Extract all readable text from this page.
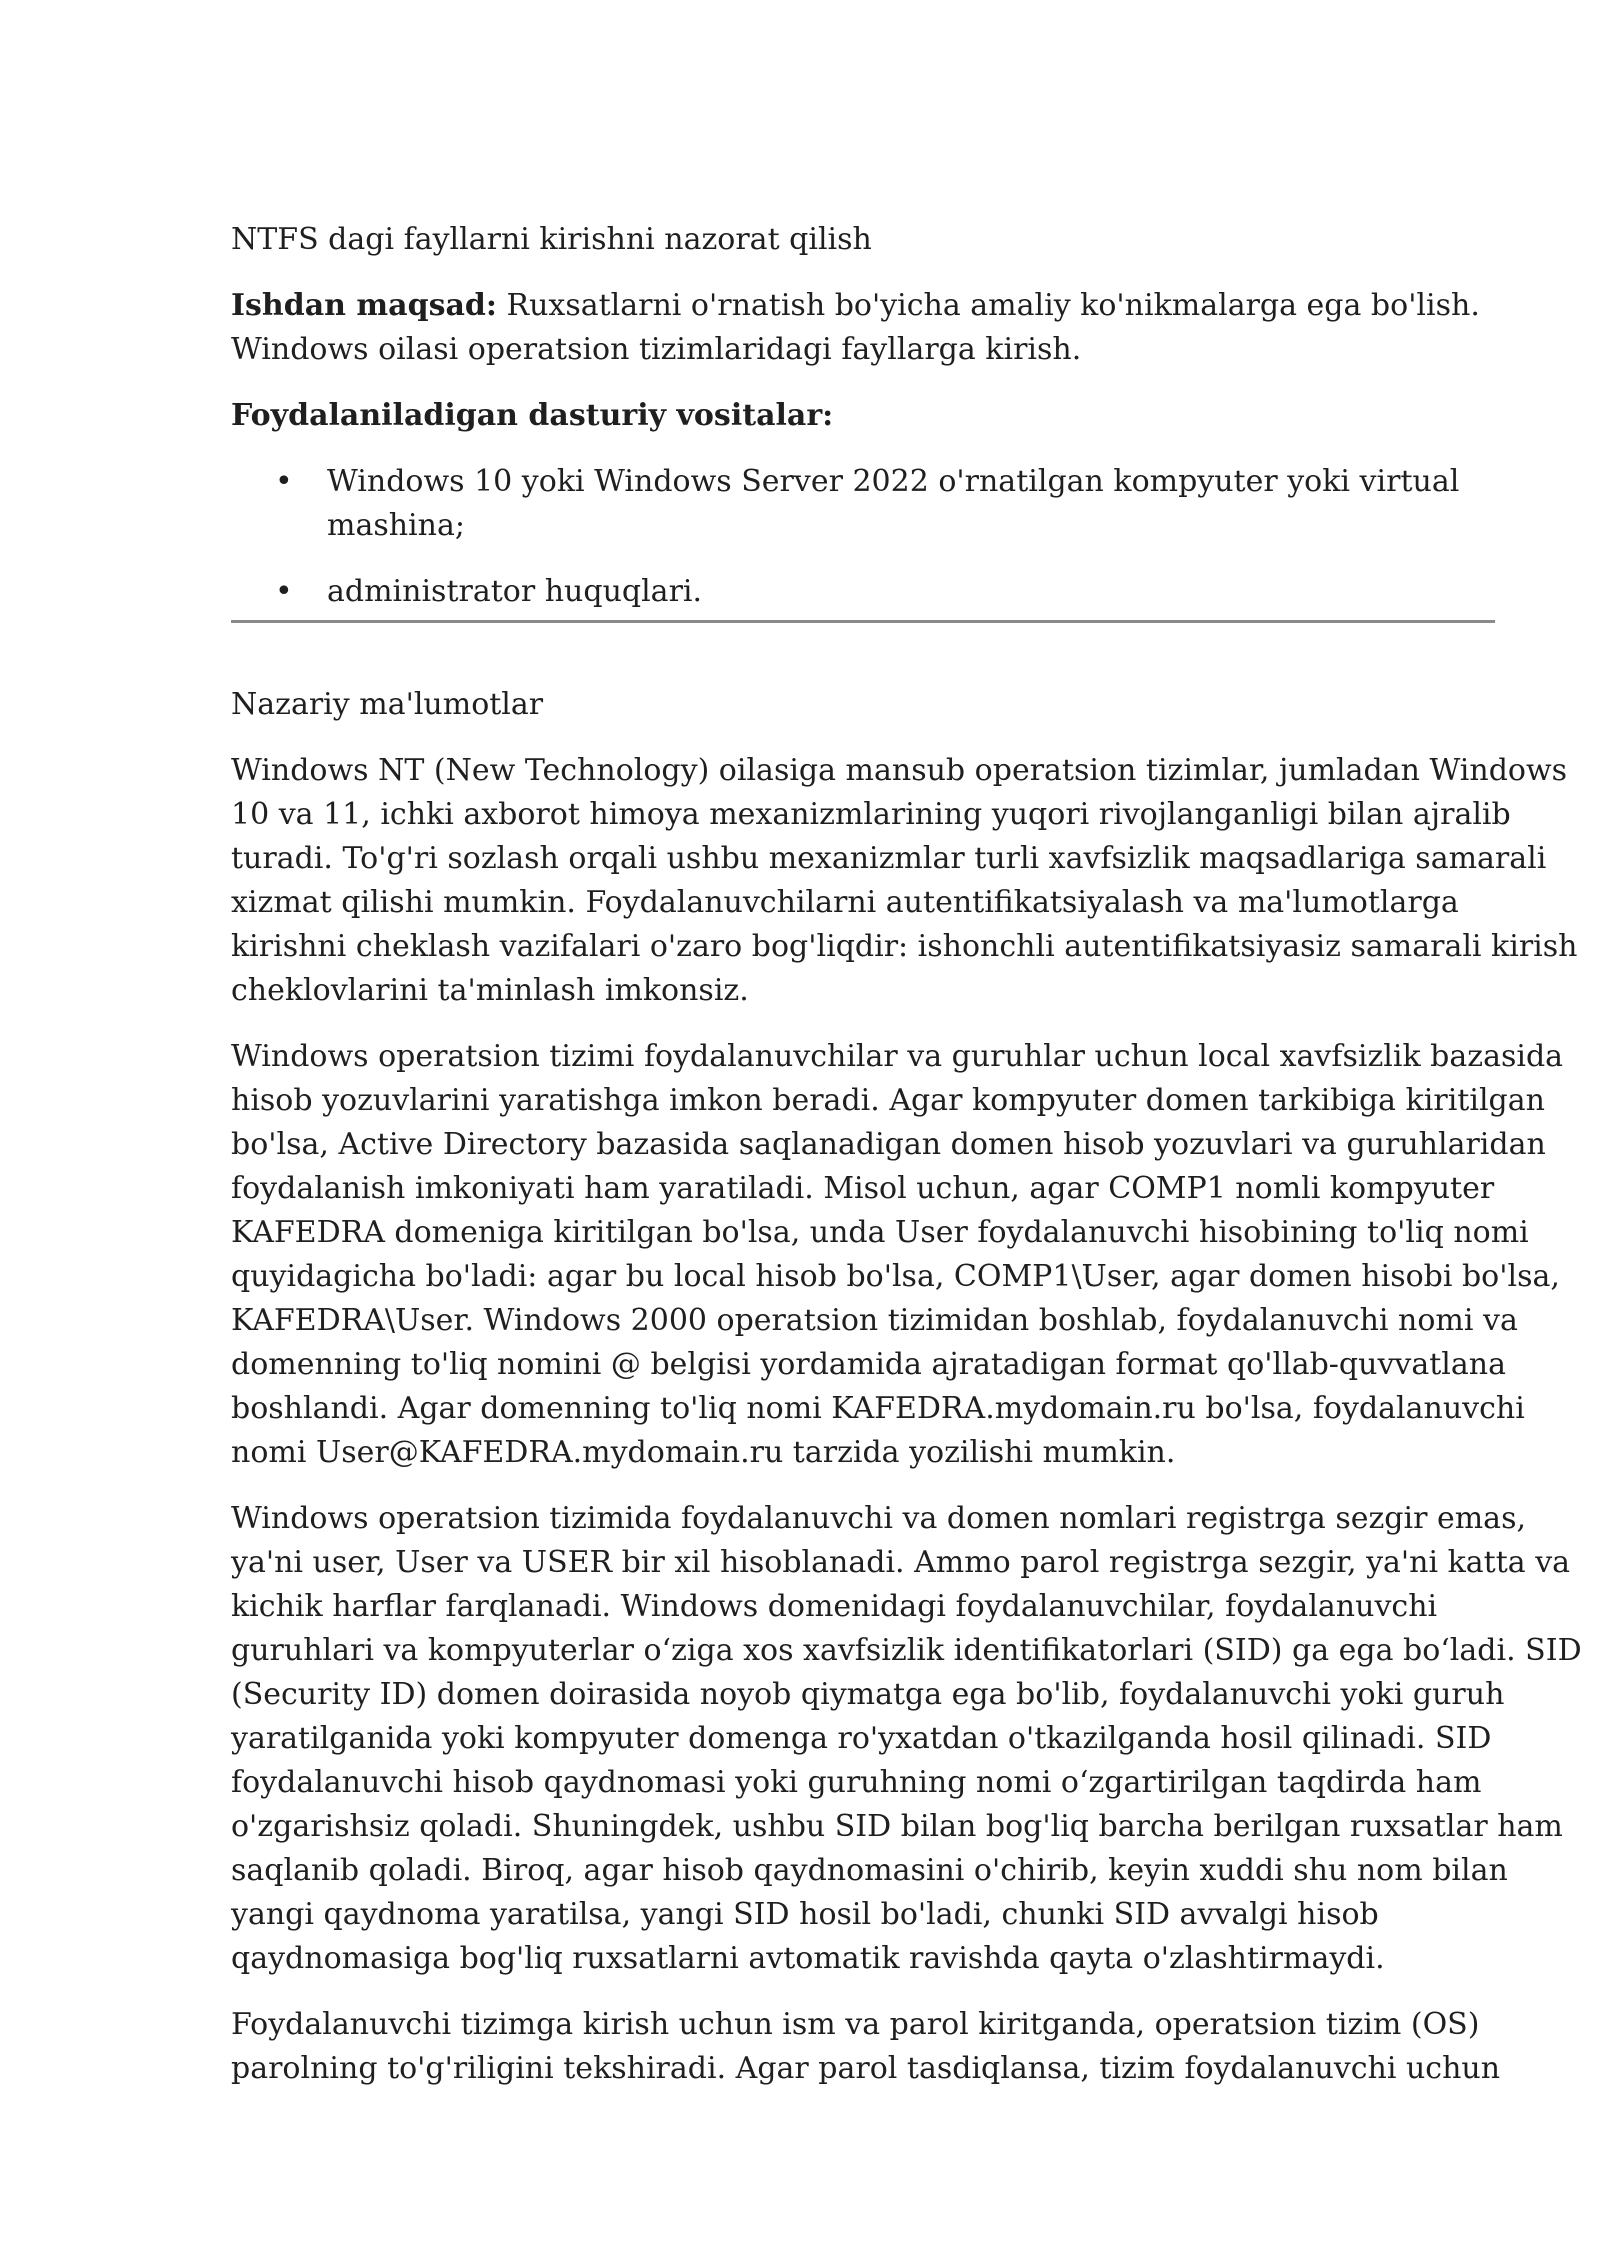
NTFS dagi fayllarni kirishni nazorat qilish

Ishdan maqsad: Ruxsatlarni o'rnatish bo'yicha amaliy ko'nikmalarga ega bo'lish.

Windows oilasi operatsion tizimlaridagi fayllarga kirish.

Foydalaniladigan dasturiy vositalar:

• Windows 10 yoki Windows Server 2022 o'rnatilgan kompyuter yoki virtual

mashina;

• administrator huquqlari.

Nazariy ma'lumotlar

Windows NT (New Technology) oilasiga mansub operatsion tizimlar, jumladan Windows

10 va 11, ichki axborot himoya mexanizmlarining yuqori rivojlanganligi bilan ajralib

turadi. To'g'ri sozlash orqali ushbu mexanizmlar turli xavfsizlik maqsadlariga samarali

xizmat qilishi mumkin. Foydalanuvchilarni autentifikatsiyalash va ma'lumotlarga

kirishni cheklash vazifalari o'zaro bog'liqdir: ishonchli autentifikatsiyasiz samarali kirish

cheklovlarini ta'minlash imkonsiz.

Windows operatsion tizimi foydalanuvchilar va guruhlar uchun local xavfsizlik bazasida

hisob yozuvlarini yaratishga imkon beradi. Agar kompyuter domen tarkibiga kiritilgan

bo'lsa, Active Directory bazasida saqlanadigan domen hisob yozuvlari va guruhlaridan

foydalanish imkoniyati ham yaratiladi. Misol uchun, agar COMP1 nomli kompyuter

KAFEDRA domeniga kiritilgan bo'lsa, unda User foydalanuvchi hisobining to'liq nomi

quyidagicha bo'ladi: agar bu local hisob bo'lsa, COMP1\User, agar domen hisobi bo'lsa,

KAFEDRA\User. Windows 2000 operatsion tizimidan boshlab, foydalanuvchi nomi va

domenning to'liq nomini @ belgisi yordamida ajratadigan format qo'llab-quvvatlana

boshlandi. Agar domenning to'liq nomi KAFEDRA.mydomain.ru bo'lsa, foydalanuvchi

nomi User@KAFEDRA.mydomain.ru tarzida yozilishi mumkin.

Windows operatsion tizimida foydalanuvchi va domen nomlari registrga sezgir emas,

ya'ni user, User va USER bir xil hisoblanadi. Ammo parol registrga sezgir, ya'ni katta va

kichik harflar farqlanadi. Windows domenidagi foydalanuvchilar, foydalanuvchi

guruhlari va kompyuterlar o‘ziga xos xavfsizlik identifikatorlari (SID) ga ega bo‘ladi. SID

(Security ID) domen doirasida noyob qiymatga ega bo'lib, foydalanuvchi yoki guruh

yaratilganida yoki kompyuter domenga ro'yxatdan o'tkazilganda hosil qilinadi. SID

foydalanuvchi hisob qaydnomasi yoki guruhning nomi o‘zgartirilgan taqdirda ham

o'zgarishsiz qoladi. Shuningdek, ushbu SID bilan bog'liq barcha berilgan ruxsatlar ham

saqlanib qoladi. Biroq, agar hisob qaydnomasini o'chirib, keyin xuddi shu nom bilan

yangi qaydnoma yaratilsa, yangi SID hosil bo'ladi, chunki SID avvalgi hisob

qaydnomasiga bog'liq ruxsatlarni avtomatik ravishda qayta o'zlashtirmaydi.

Foydalanuvchi tizimga kirish uchun ism va parol kiritganda, operatsion tizim (OS)

parolning to'g'riligini tekshiradi. Agar parol tasdiqlansa, tizim foydalanuvchi uchun
